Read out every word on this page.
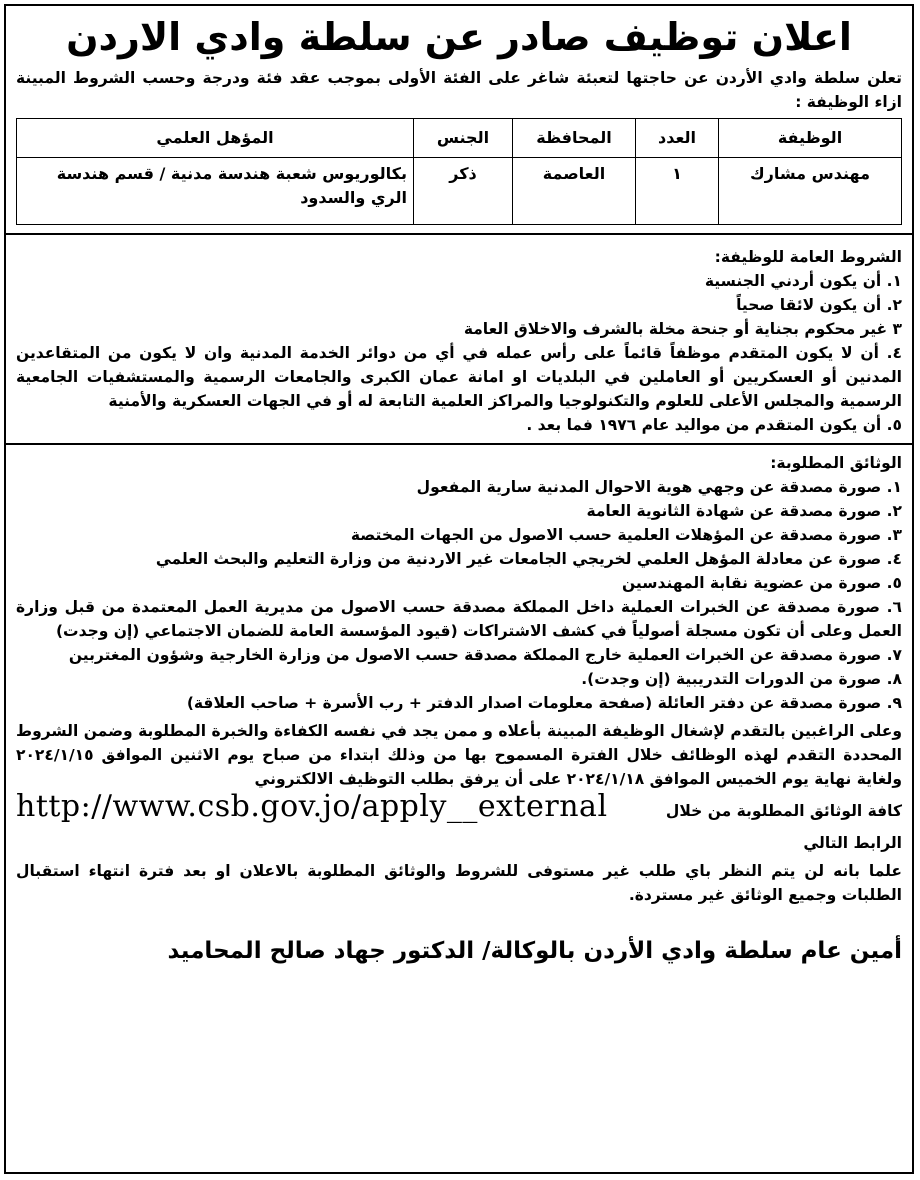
اعلان توظيف صادر عن سلطة وادي الاردن

تعلن سلطة وادي الأردن عن حاجتها لتعبئة شاغر على الفئة الأولى بموجب عقد فئة ودرجة وحسب الشروط المبينة ازاء الوظيفة :

الوظيفة	العدد	المحافظة	الجنس	المؤهل العلمي
مهندس مشارك	١	العاصمة	ذكر	بكالوريوس شعبة هندسة مدنية / قسم هندسة الري والسدود

الشروط العامة للوظيفة:

١. أن يكون أردني الجنسية
٢. أن يكون لائقا صحياً
٣ غير محكوم بجناية أو جنحة مخلة بالشرف والاخلاق العامة
٤. أن لا يكون المتقدم موظفاً قائماً على رأس عمله في أي من دوائر الخدمة المدنية وان لا يكون من المتقاعدين المدنين أو العسكريين أو العاملين في البلديات او امانة عمان الكبرى والجامعات الرسمية والمستشفيات الجامعية الرسمية والمجلس الأعلى للعلوم والتكنولوجيا والمراكز العلمية التابعة له أو في الجهات العسكرية والأمنية
٥. أن يكون المتقدم من مواليد عام ١٩٧٦ فما بعد .

الوثائق المطلوبة:

١. صورة مصدقة عن وجهي هوية الاحوال المدنية سارية المفعول
٢. صورة مصدقة عن شهادة الثانوية العامة
٣. صورة مصدقة عن المؤهلات العلمية حسب الاصول من الجهات المختصة
٤. صورة عن معادلة المؤهل العلمي لخريجي الجامعات غير الاردنية من وزارة التعليم والبحث العلمي
٥. صورة من عضوية نقابة المهندسين
٦. صورة مصدقة عن الخبرات العملية داخل المملكة مصدقة حسب الاصول من مديرية العمل المعتمدة من قبل وزارة العمل وعلى أن تكون مسجلة أصولياً في كشف الاشتراكات (قيود المؤسسة العامة للضمان الاجتماعي (إن وجدت)
٧. صورة مصدقة عن الخبرات العملية خارج المملكة مصدقة حسب الاصول من وزارة الخارجية وشؤون المغتربين
٨. صورة من الدورات التدريبية (إن وجدت).
٩. صورة مصدقة عن دفتر العائلة (صفحة معلومات اصدار الدفتر + رب الأسرة + صاحب العلاقة)

وعلى الراغبين بالتقدم لإشغال الوظيفة المبينة بأعلاه و ممن يجد في نفسه الكفاءة والخبرة المطلوبة وضمن الشروط المحددة التقدم لهذه الوظائف خلال الفترة المسموح بها من وذلك ابتداء من صباح يوم الاثنين الموافق ٢٠٢٤/١/١٥ ولغاية نهاية يوم الخميس الموافق ٢٠٢٤/١/١٨ على أن يرفق بطلب التوظيف الالكتروني

كافة الوثائق المطلوبة من خلال الرابط التالي
http://www.csb.gov.jo/apply__external

علما بانه لن يتم النظر باي طلب غير مستوفى للشروط والوثائق المطلوبة بالاعلان او بعد فترة انتهاء استقبال الطلبات وجميع الوثائق غير مستردة.

أمين عام سلطة وادي الأردن بالوكالة/ الدكتور جهاد صالح المحاميد
